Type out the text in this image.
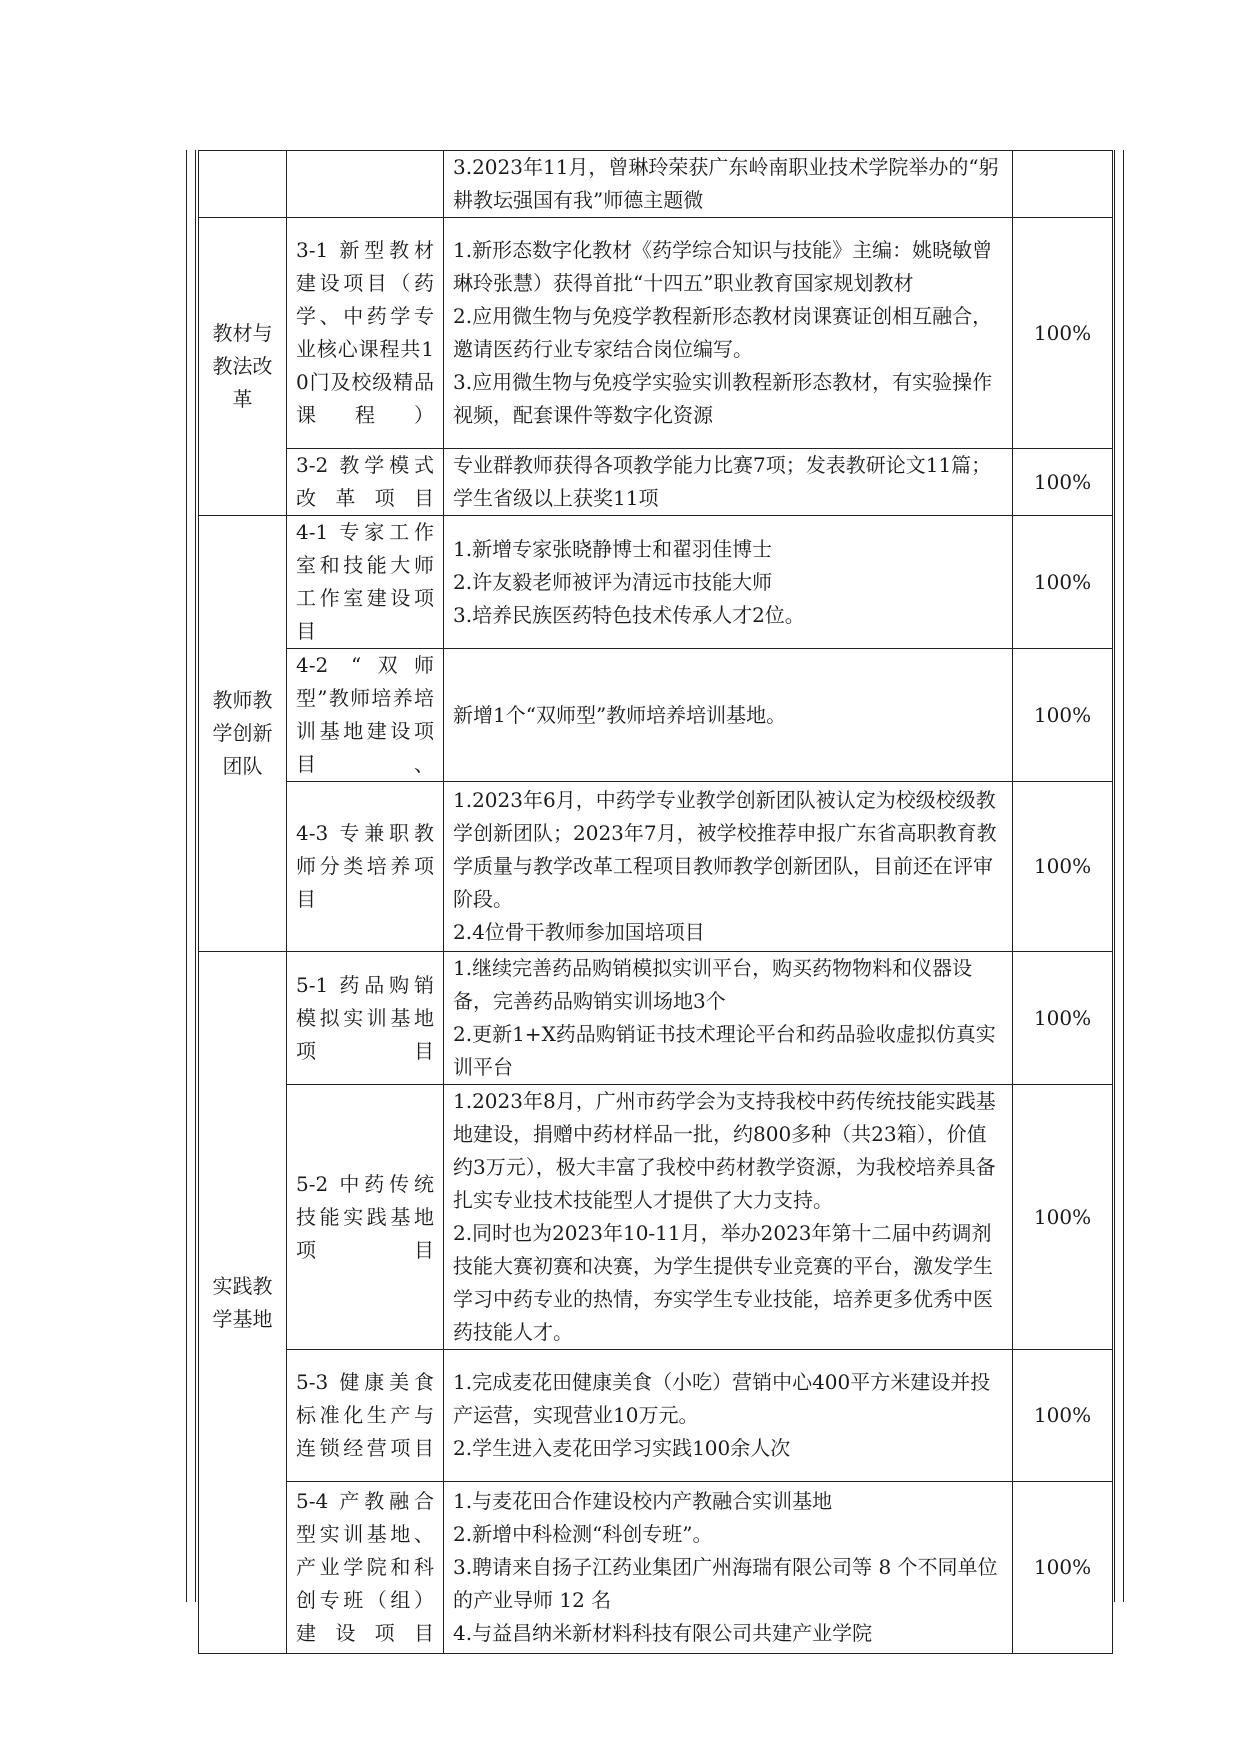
		3.2023年11月，曾琳玲荣获广东岭南职业技术学院举办的“躬耕教坛强国有我”师德主题微	

教材与教法改革	3-1 新型教材建设项目（药学、中药学专业核心课程共10门及校级精品课程）	1.新形态数字化教材《药学综合知识与技能》主编：姚晓敏曾琳玲张慧）获得首批“十四五”职业教育国家规划教材
2.应用微生物与免疫学教程新形态教材岗课赛证创相互融合，邀请医药行业专家结合岗位编写。
3.应用微生物与免疫学实验实训教程新形态教材，有实验操作视频，配套课件等数字化资源	100%
	3-2 教学模式改革项目	专业群教师获得各项教学能力比赛7项；发表教研论文11篇；学生省级以上获奖11项	100%
教师教学创新团队	4-1 专家工作室和技能大师工作室建设项目	1.新增专家张晓静博士和翟羽佳博士
2.许友毅老师被评为清远市技能大师
3.培养民族医药特色技术传承人才2位。	100%
	4-2 “双师型”教师培养培训基地建设项目、	新增1个“双师型”教师培养培训基地。	100%
	4-3 专兼职教师分类培养项目	1.2023年6月，中药学专业教学创新团队被认定为校级校级教学创新团队；2023年7月，被学校推荐申报广东省高职教育教学质量与教学改革工程项目教师教学创新团队，目前还在评审阶段。
2.4位骨干教师参加国培项目	100%
实践教学基地	5-1 药品购销模拟实训基地项目	1.继续完善药品购销模拟实训平台，购买药物物料和仪器设备，完善药品购销实训场地3个
2.更新1+X药品购销证书技术理论平台和药品验收虚拟仿真实训平台	100%
	5-2 中药传统技能实践基地项目	1.2023年8月，广州市药学会为支持我校中药传统技能实践基地建设，捐赠中药材样品一批，约800多种（共23箱），价值约3万元），极大丰富了我校中药材教学资源，为我校培养具备扎实专业技术技能型人才提供了大力支持。
2.同时也为2023年10-11月，举办2023年第十二届中药调剂技能大赛初赛和决赛，为学生提供专业竞赛的平台，激发学生学习中药专业的热情，夯实学生专业技能，培养更多优秀中医药技能人才。	100%
	5-3 健康美食标准化生产与连锁经营项目	1.完成麦花田健康美食（小吃）营销中心400平方米建设并投产运营，实现营业10万元。
2.学生进入麦花田学习实践100余人次	100%
	5-4 产教融合型实训基地、产业学院和科创专班（组）建设项目	1.与麦花田合作建设校内产教融合实训基地
2.新增中科检测“科创专班”。
3.聘请来自扬子江药业集团广州海瑞有限公司等 8 个不同单位的产业导师 12 名
4.与益昌纳米新材料科技有限公司共建产业学院	100%
